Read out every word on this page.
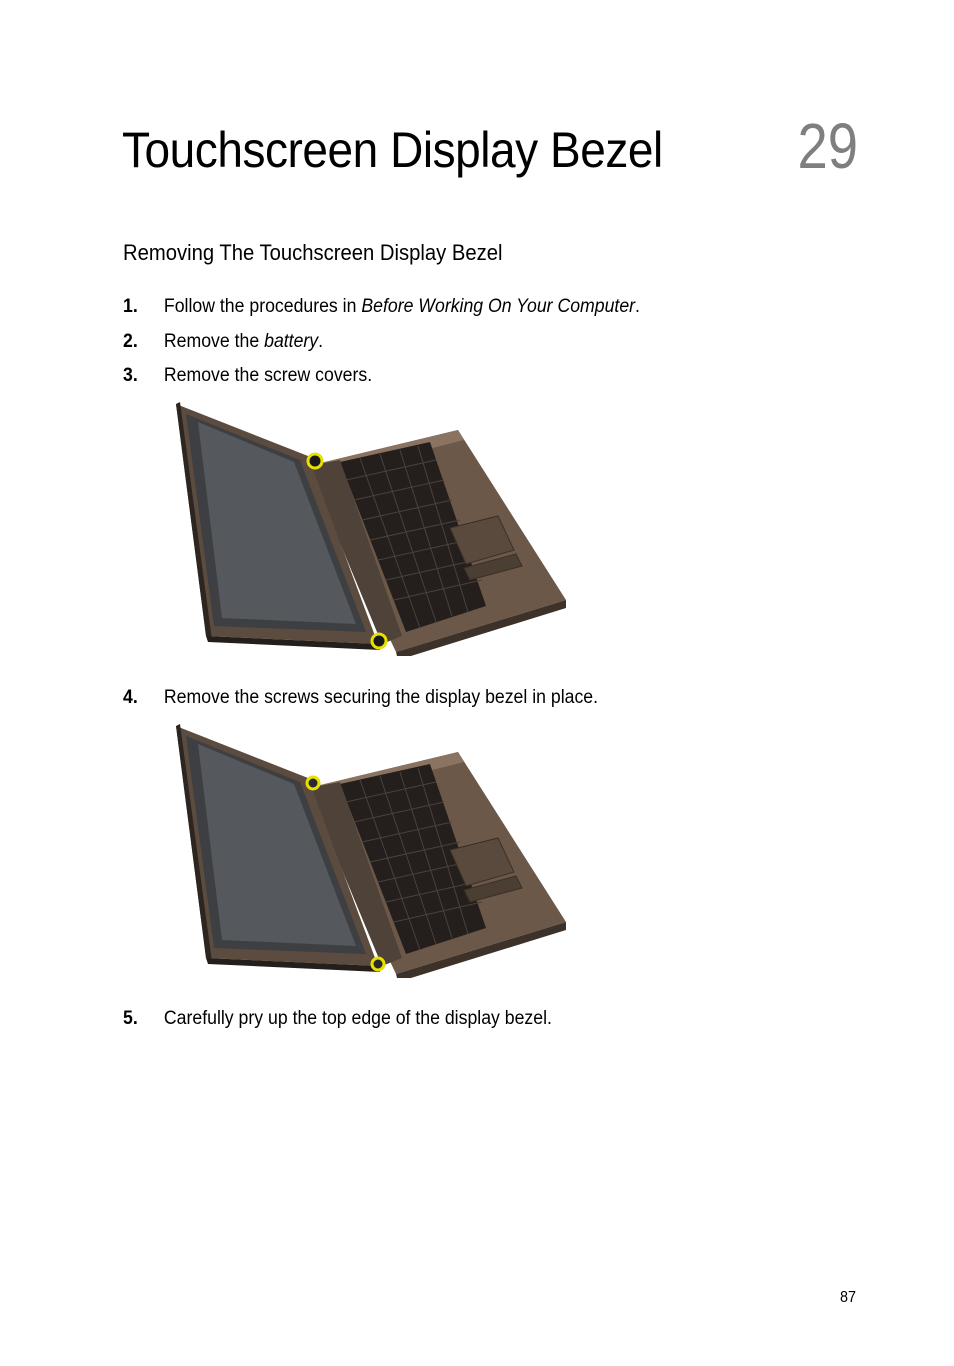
Touchscreen Display Bezel 29
Removing The Touchscreen Display Bezel
1. Follow the procedures in Before Working On Your Computer.
2. Remove the battery.
3. Remove the screw covers.
4. Remove the screws securing the display bezel in place.
5. Carefully pry up the top edge of the display bezel.
87
